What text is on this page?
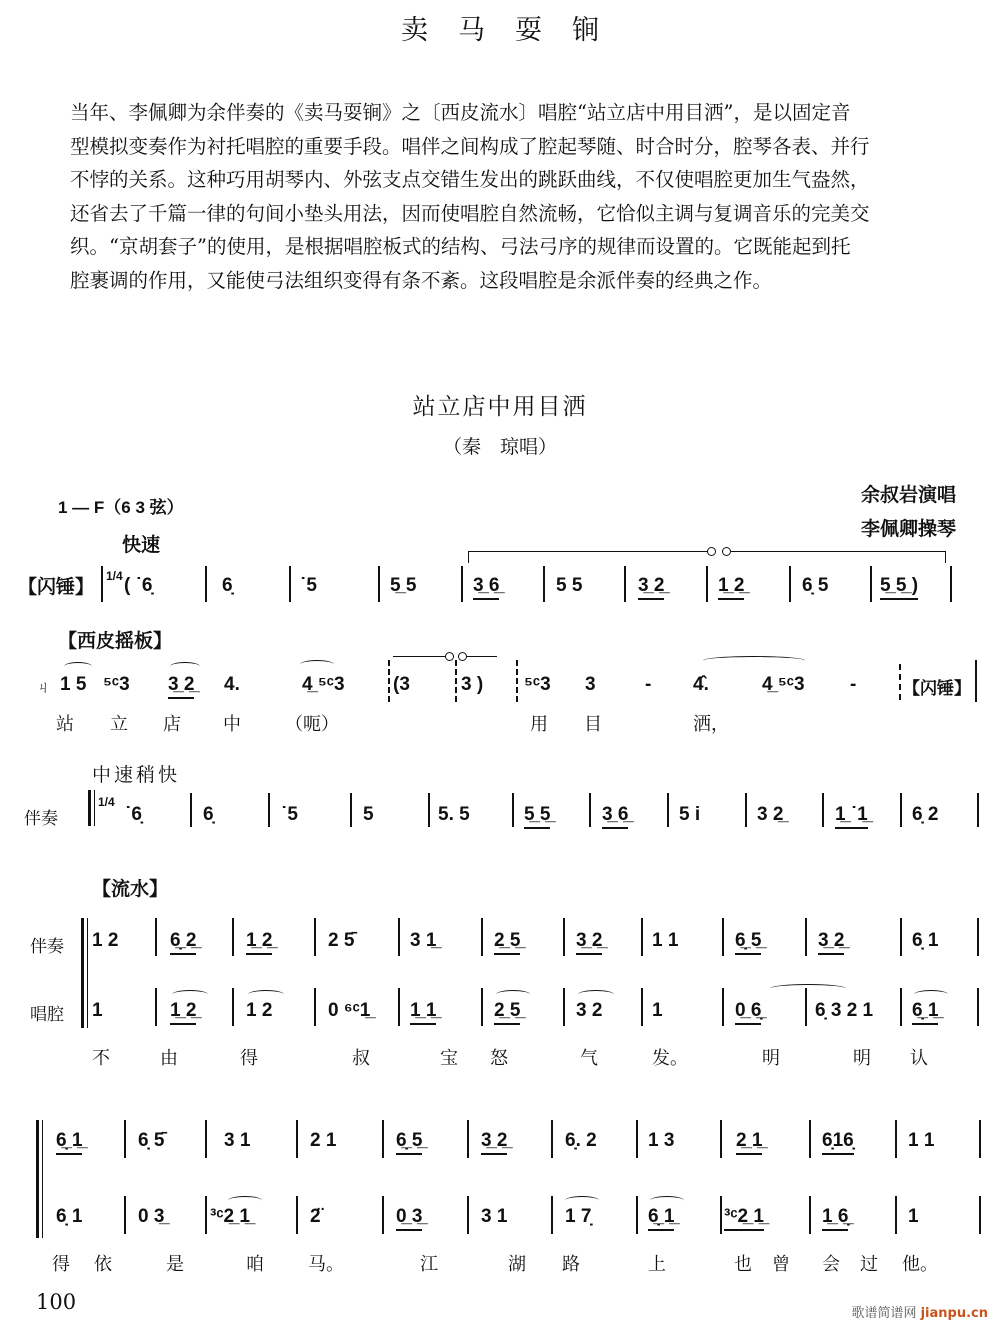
卖马耍锏

当年、李佩卿为余伴奏的《卖马耍锏》之〔西皮流水〕唱腔“站立店中用目洒”，是以固定音

型模拟变奏作为衬托唱腔的重要手段。唱伴之间构成了腔起琴随、时合时分，腔琴各表、并行

不悖的关系。这种巧用胡琴内、外弦支点交错生发出的跳跃曲线，不仅使唱腔更加生气盎然，

还省去了千篇一律的句间小垫头用法，因而使唱腔自然流畅，它恰似主调与复调音乐的完美交

织。“京胡套子”的使用，是根据唱腔板式的结构、弓法弓序的规律而设置的。它既能起到托

腔裹调的作用，又能使弓法组织变得有条不紊。这段唱腔是余派伴奏的经典之作。

站立店中用目洒
（秦　琼唱）
余叔岩演唱
李佩卿操琴
1 — F（6 3 弦）
快速
【闪锤】 1/4 ( ˙6̣	6̣	˙5	5̲ 5	3̲ 6̲	5 5	3̲ 2̲	1̲ 2̲	6̣ 5	5̲ 5̲ )
【西皮摇板】
ㄐ 1 5 ⁵ᶜ3 3̲ 2̲ 4.	4̲ ⁵ᶜ3	(3	3 ) ⁵ᶜ3 3	- 4̂.	4̲ ⁵ᶜ3 -	【闪锤】
站 立 店 中 （呃）	用 目	洒，
中速稍快
伴奏
1/4
˙6̣	6̣	˙5	5	5. 5	5̲ 5̲	3̲ 6̲	5 i	3 2̲	1̲ ˙1̲ 6̣ 2
【流水】
伴奏
唱腔
1 2	6̲̣ 2̲	1̲ 2̲	2 5̄	3 1̲	2̲ 5̲	3̲ 2̲	1 1	6̲̣ 5̲	3̲ 2̲	6̣ 1
1	1̲ 2̲	1 2	0 ⁶ᶜ1̲ 1̲ 1̲	2̲ 5̲	3 2	1	0̲ 6̲̣	6̣ 3 2 1 6̲̣ 1̲
不	由	得	叔	宝 怒	气	发。	明	明 认
6̲̣ 1̲	6̣ 5̄	3 1	2 1	6̲̣ 5̲	3̲ 2̲	6̣. 2	1 3	2̲ 1̲	6̣16̣	1 1
6̣ 1	0 3̲ ³ᶜ2̲ 1̲	2̈	0̲ 3̲	3 1	1 7̣	6̲̣ 1̲	³ᶜ2̲ 1̲	1̲ 6̲̣	1
得 依	是	咱 马。	江	湖 路	上	也 曾 会 过 他。
100	歌谱简谱网 jianpu.cn
